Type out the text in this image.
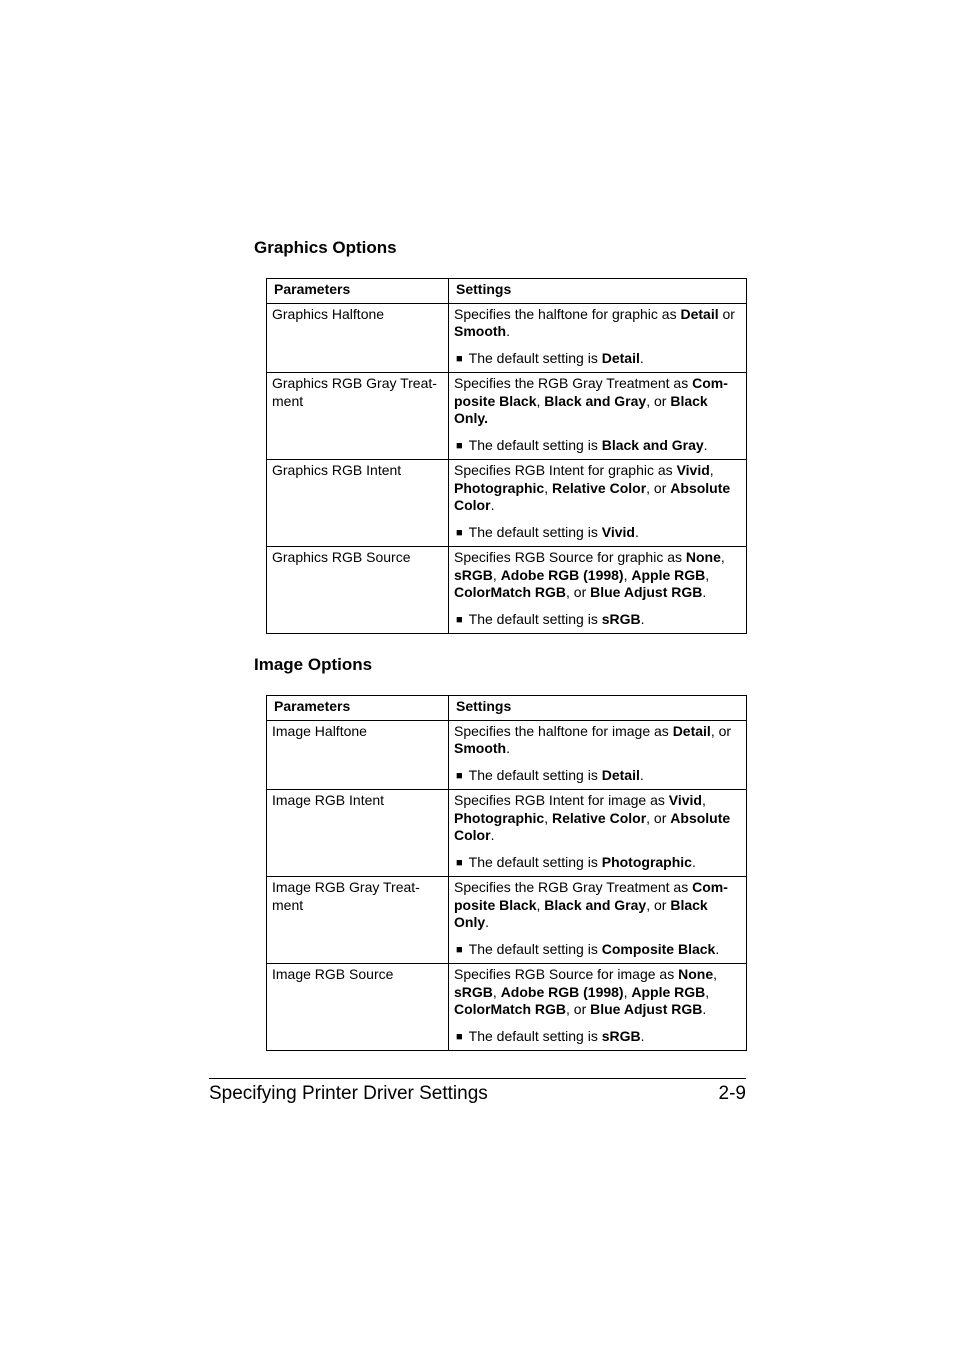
Graphics Options
Parameters	Settings
Graphics Halftone	Specifies the halftone for graphic as Detail or Smooth.

■ The default setting is Detail.

Graphics RGB Gray Treat-ment	Specifies the RGB Gray Treatment as Com-posite Black, Black and Gray, or Black Only.

■ The default setting is Black and Gray.

Graphics RGB Intent	Specifies RGB Intent for graphic as Vivid, Photographic, Relative Color, or Absolute Color.

■ The default setting is Vivid.

Graphics RGB Source	Specifies RGB Source for graphic as None, sRGB, Adobe RGB (1998), Apple RGB, ColorMatch RGB, or Blue Adjust RGB.

■ The default setting is sRGB.

Image Options
Parameters	Settings
Image Halftone	Specifies the halftone for image as Detail, or Smooth.

■ The default setting is Detail.

Image RGB Intent	Specifies RGB Intent for image as Vivid, Photographic, Relative Color, or Absolute Color.

■ The default setting is Photographic.

Image RGB Gray Treat-ment	Specifies the RGB Gray Treatment as Com-posite Black, Black and Gray, or Black Only.

■ The default setting is Composite Black.

Image RGB Source	Specifies RGB Source for image as None, sRGB, Adobe RGB (1998), Apple RGB, ColorMatch RGB, or Blue Adjust RGB.

■ The default setting is sRGB.

Specifying Printer Driver Settings	2-9
